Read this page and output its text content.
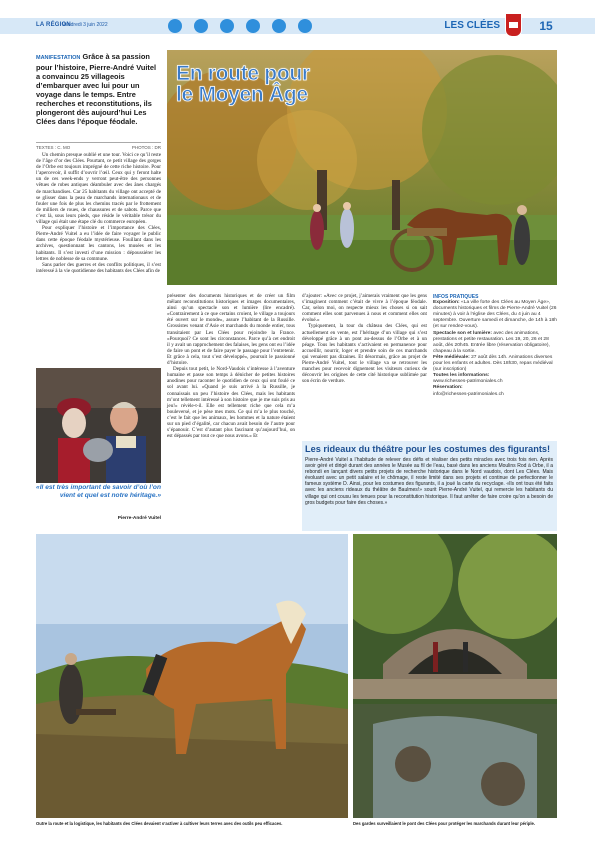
LA RÉGION
Vendredi 3 juin 2022	LES CLÉES	15
MANIFESTATION Grâce à sa passion pour l’histoire, Pierre-André Vuitel a convaincu 25 villageois d’embarquer avec lui pour un voyage dans le temps. Entre recherches et reconstitutions, ils plongeront dès aujourd’hui Les Clées dans l’époque féodale.
TEXTES : C. MO	PHOTOS : DR

Un chemin presque oublié et une tour. Voici ce qu’il reste de l’âge d’or des Clées. Pourtant, ce petit village des gorges de l’Orbe est toujours imprégné de cette riche histoire. Pour l’apercevoir, il suffit d’ouvrir l’œil. Ceux qui y feront halte un de ces week-ends y verront peut-être des personnes vêtues de robes antiques déambuler avec des ânes chargés de marchandises. Car 25 habitants du village ont accepté de se glisser dans la peau de marchands internationaux et de fouler une fois de plus les chemins tracés par le frottement de milliers de roues, de chaussures et de sabots. Parce que c’est là, sous leurs pieds, que réside le véritable trésor du village qui était une étape clé du commerce européen.

Pour expliquer l’histoire et l’importance des Clées, Pierre-André Vuitel a eu l’idée de faire voyager le public dans cette époque féodale mystérieuse. Fouillant dans les archives, questionnant les cantons, les musées et les habitants. Il s’est investi d’une mission : dépoussiérer les lettres de noblesse de sa commune.

Sans parler des guerres et des conflits politiques, il s’est intéressé à la vie quotidienne des habitants des Clées afin de

En route pour
le Moyen Âge

présenter des documents historiques et de créer un film mêlant reconstitutions historiques et images documentaires, ainsi qu’un spectacle son et lumière (lire encadré). «Contrairement à ce que certains croient, le village a toujours été ouvert sur le monde», assure l’habitant de la Russille. Grossistes venant d’Asie et marchands du monde entier, tous transitaient par Les Clées pour rejoindre la France. «Pourquoi? Ce sont les circonstances. Parce qu’à cet endroit il y avait un rapprochement des falaises, les gens ont eu l’idée de faire un pont et de faire payer le passage pour l’entretenir. Et grâce à cela, tout s’est développé», poursuit le passionné d’histoire.

Depuis tout petit, le Nord-Vaudois s’intéresse à l’aventure humaine et passe son temps à dénicher de petites histoires anodines pour raconter le quotidien de ceux qui ont foulé ce sol avant lui. «Quand je suis arrivé à la Russille, je connaissais un peu l’histoire des Clées, mais les habitants m’ont tellement intéressé à son histoire que je me suis pris au jeu!» révèle-t-il. Elle est tellement riche que cela m’a bouleversé, et je pèse mes mots. Ce qui m’a le plus touché, c’est le fait que les animaux, les hommes et la nature étaient sur un pied d’égalité, car chacun avait besoin de l’autre pour s’épanouir. C’est d’autant plus fascinant qu’aujourd’hui, on est dépassés par tout ce que nous avons.» Et

d’ajouter: «Avec ce projet, j’aimerais vraiment que les gens s’imaginent comment c’était de vivre à l’époque féodale. Car, selon moi, on respecte mieux les choses si on sait comment elles sont parvenues à nous et comment elles ont évolué.»

Typiquement, la tour du château des Clées, qui est actuellement en vente, est l’héritage d’un village qui s’est développé grâce à un pont au-dessus de l’Orbe et à un péage. Tous les habitants s’activaient en permanence pour accueillir, nourrir, loger et prendre soin de ces marchands qui venaient pas dizaines. Et désormais, grâce au projet de Pierre-André Vuitel, tout le village va se retrouver les manches pour recevoir dignement les visiteurs curieux de découvrir les origines de cette cité historique sublimée par son écrin de verdure.

«Il est très important de savoir d’où l’on vient et quel est notre héritage.»
Pierre-André Vuitel
INFOS PRATIQUES
Exposition: «La ville forte des Clées au Moyen Âge», documents historiques et films de Pierre-André Vuitel (26 minutes) à voir à l’église des Clées, du 4 juin au 4 septembre. Ouverture samedi et dimanche, de 14h à 18h (et sur rendez-vous).
Spectacle son et lumière: avec des animations, prestations et petite restauration. Les 19, 20, 26 et 28 août, dès 20h45. Entrée libre (réservation obligatoire), chapeau à la sortie.
Fête médiévale: 27 août dès 14h. Animations diverses pour les enfants et adultes. Dès 18h30, repas médiéval (sur inscription)
Toutes les informations:
www.richesses-patrimoniales.ch
Réservation:
info@richesses-patrimoniales.ch
Les rideaux du théâtre pour les costumes des figurants!
Pierre-André Vuitel a l’habitude de relever des défis et réaliser des petits miracles avec trois fois rien. Après avoir géré et dirigé durant des années le Musée au fil de l’eau, basé dans les anciens Moulins Rod à Orbe, il a rebondi en lançant divers petits projets de recherche historique dans le Nord vaudois, dont Les Clées. Mais évoluant avec un petit salaire et le chômage, il reste limité dans ses projets et continue de perfectionner le fameux système D. Ainsi, pour les costumes des figurants, il a joué la carte du recyclage. «Ils ont tous été faits avec les anciens rideaux du théâtre de Baulmes!» sourit Pierre-André Vuitel, qui remercie les habitants du village qui ont cousu les tenues pour la reconstitution historique. Il faut arrêter de faire croire qu’on a besoin de gros budgets pour faire des choses.»
Outre la route et la logistique, les habitants des Clées devaient s’activer à cultiver leurs terres avec des outils peu efficaces.	Des gardes surveillaient le pont des Clées pour protéger les marchands durant leur périple.
